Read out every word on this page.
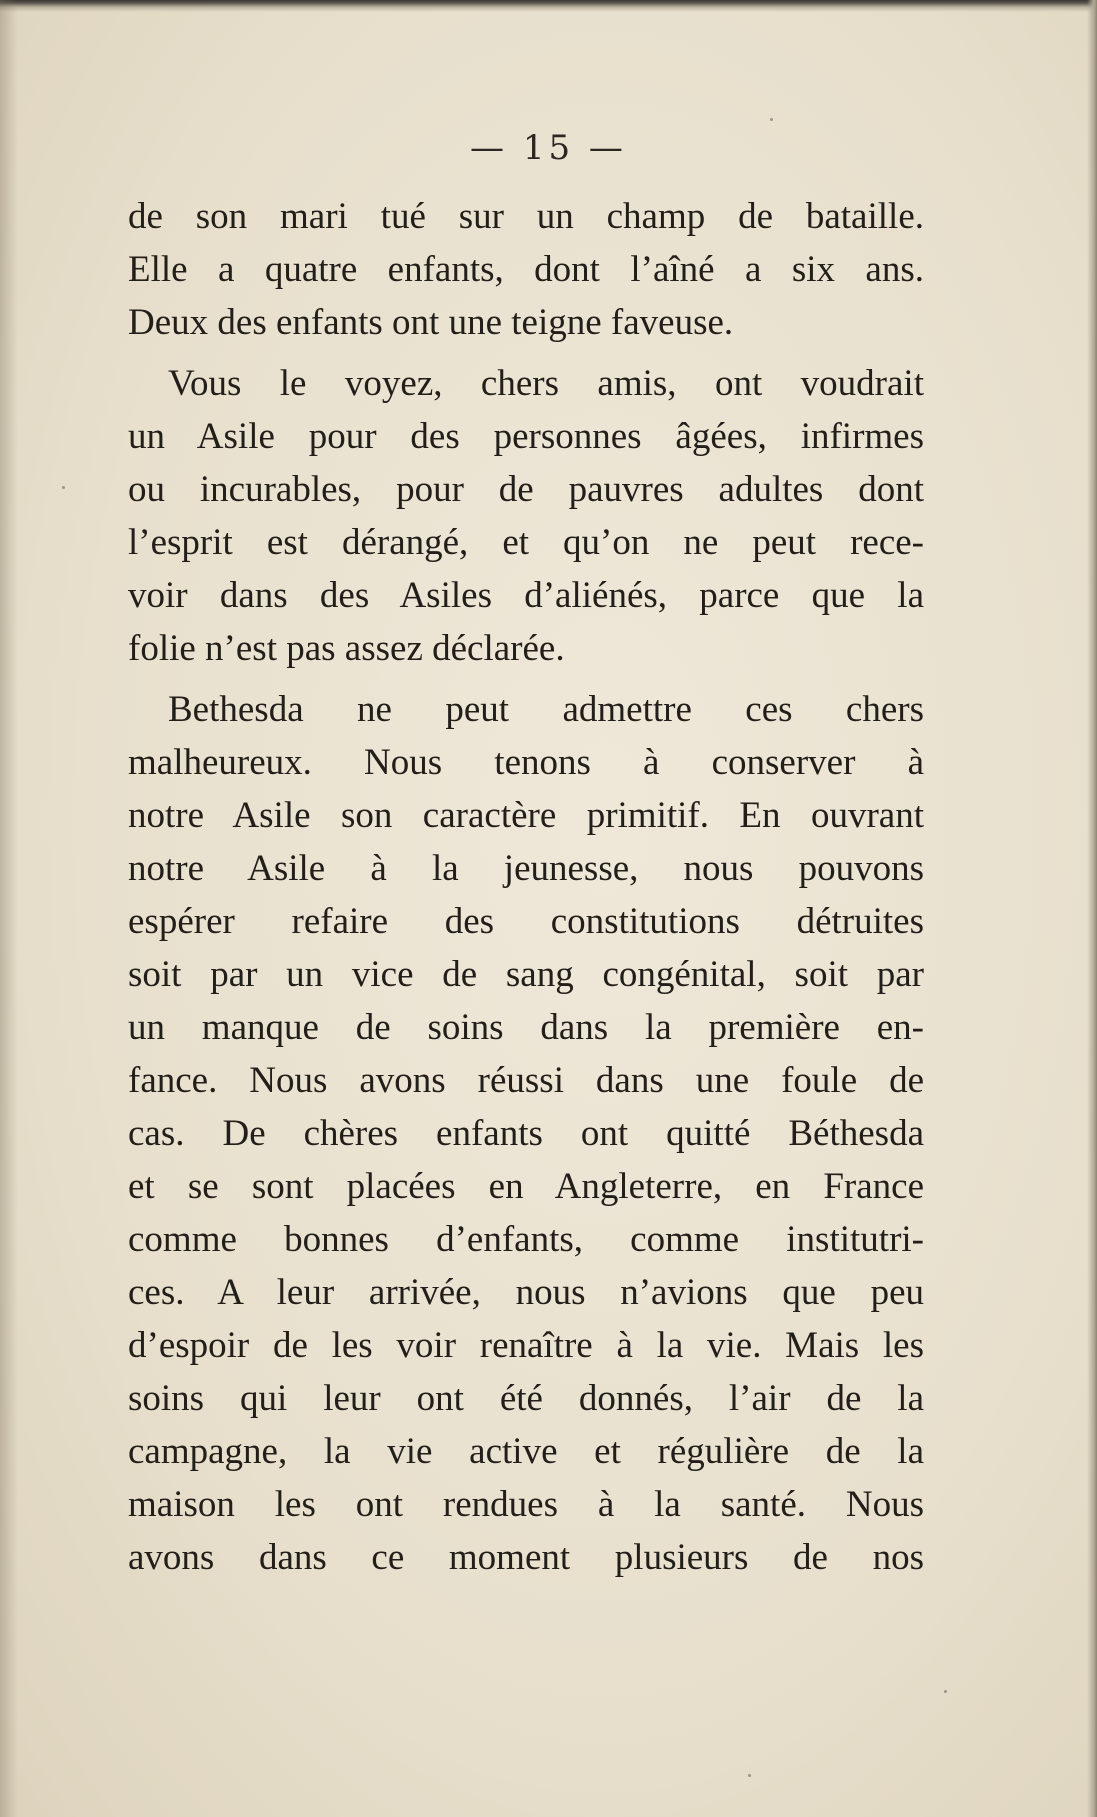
— 15 —
de son mari tué sur un champ de bataille.
Elle a quatre enfants, dont l’aîné a six ans.
Deux des enfants ont une teigne faveuse.
Vous le voyez, chers amis, ont voudrait
un Asile pour des personnes âgées, infirmes
ou incurables, pour de pauvres adultes dont
l’esprit est dérangé, et qu’on ne peut rece-
voir dans des Asiles d’aliénés, parce que la
folie n’est pas assez déclarée.
Bethesda ne peut admettre ces chers
malheureux. Nous tenons à conserver à
notre Asile son caractère primitif. En ouvrant
notre Asile à la jeunesse, nous pouvons
espérer refaire des constitutions détruites
soit par un vice de sang congénital, soit par
un manque de soins dans la première en-
fance. Nous avons réussi dans une foule de
cas. De chères enfants ont quitté Béthesda
et se sont placées en Angleterre, en France
comme bonnes d’enfants, comme institutri-
ces. A leur arrivée, nous n’avions que peu
d’espoir de les voir renaître à la vie. Mais les
soins qui leur ont été donnés, l’air de la
campagne, la vie active et régulière de la
maison les ont rendues à la santé. Nous
avons dans ce moment plusieurs de nos
